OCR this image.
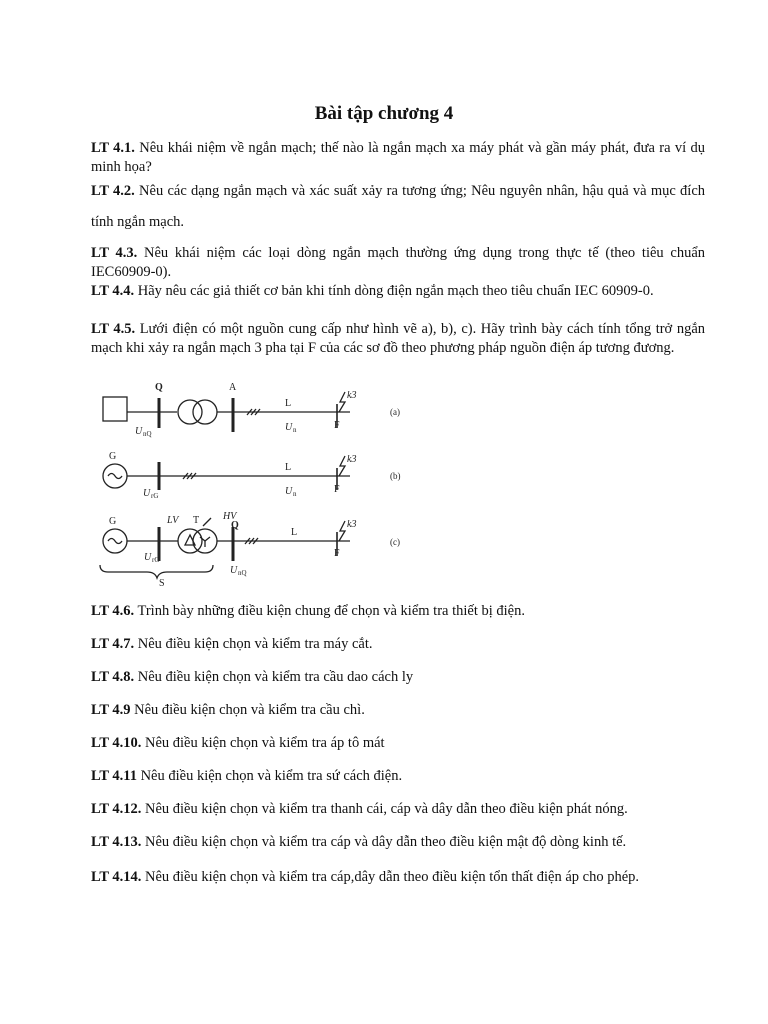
Bài tập chương 4

LT 4.1. Nêu khái niệm về ngắn mạch; thế nào là ngắn mạch xa máy phát và gần máy phát, đưa ra ví dụ minh họa?

LT 4.2. Nêu các dạng ngắn mạch và xác suất xảy ra tương ứng; Nêu nguyên nhân, hậu quả và mục đích tính ngắn mạch.

LT 4.3. Nêu khái niệm các loại dòng ngắn mạch thường ứng dụng trong thực tế (theo tiêu chuẩn IEC60909-0).

LT 4.4. Hãy nêu các giả thiết cơ bản khi tính dòng điện ngắn mạch theo tiêu chuẩn IEC 60909-0.

LT 4.5. Lưới điện có một nguồn cung cấp như hình vẽ a), b), c). Hãy trình bày cách tính tổng trở ngắn mạch khi xảy ra ngắn mạch 3 pha tại F của các sơ đồ theo phương pháp nguồn điện áp tương đương.

Q	A
L
k3
F
U nQ
U n
(a)
G
L
k3
F
U rG	U n
(b)
G	LV T HV
Q
L
k3
F
U rG
U nQ
S
(c)

LT 4.6. Trình bày những điều kiện chung để chọn và kiểm tra thiết bị điện.

LT 4.7. Nêu điều kiện chọn và kiểm tra máy cắt.

LT 4.8. Nêu điều kiện chọn và kiểm tra cầu dao cách ly

LT 4.9 Nêu điều kiện chọn và kiểm tra cầu chì.

LT 4.10. Nêu điều kiện chọn và kiểm tra áp tô mát

LT 4.11 Nêu điều kiện chọn và kiểm tra sứ cách điện.

LT 4.12. Nêu điều kiện chọn và kiểm tra thanh cái, cáp và dây dẫn theo điều kiện phát nóng.

LT 4.13. Nêu điều kiện chọn và kiểm tra cáp và dây dẫn theo điều kiện mật độ dòng kinh tế.

LT 4.14. Nêu điều kiện chọn và kiểm tra cáp,dây dẫn theo điều kiện tổn thất điện áp cho phép.
